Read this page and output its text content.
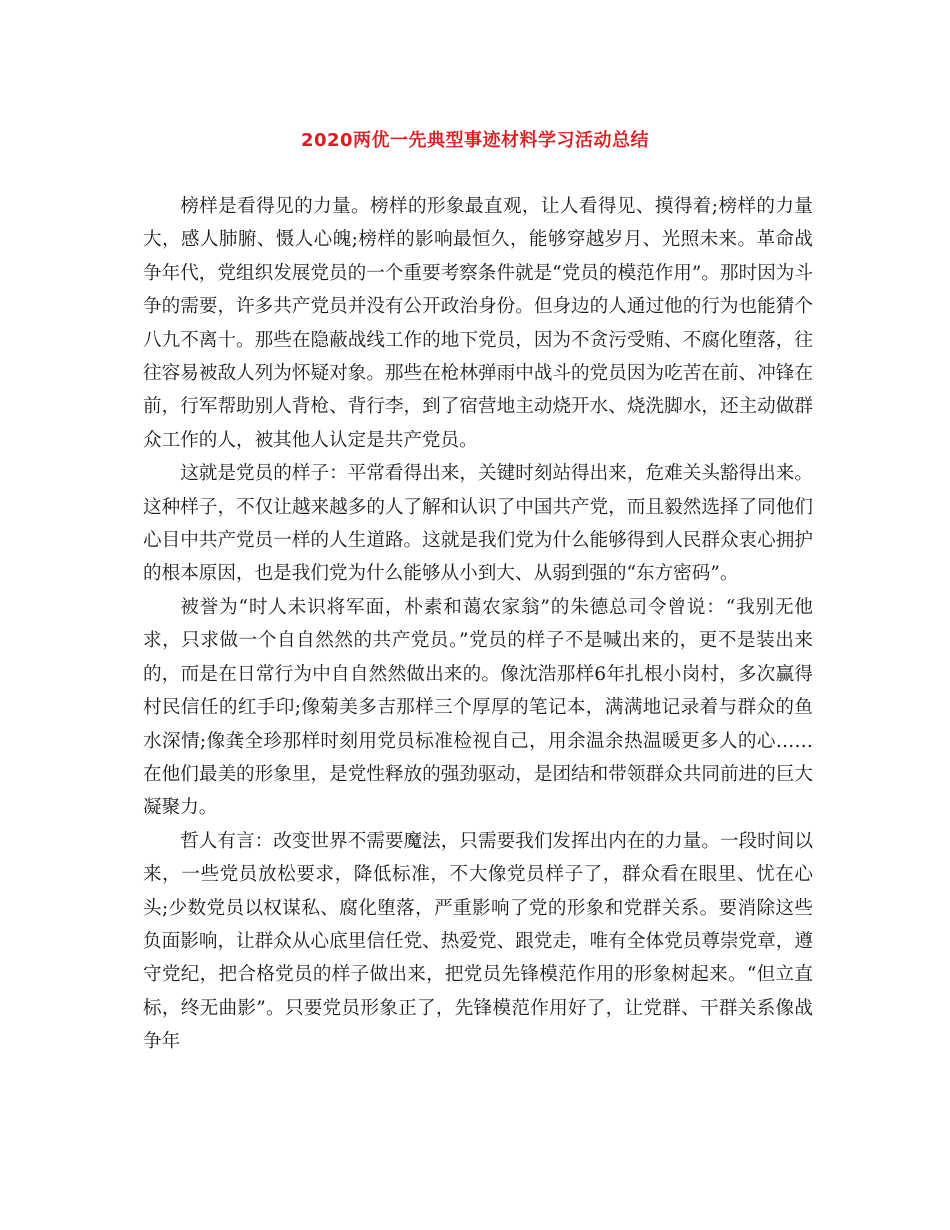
2020两优一先典型事迹材料学习活动总结

榜样是看得见的力量。榜样的形象最直观，让人看得见、摸得着;榜样的力量大，感人肺腑、慑人心魄;榜样的影响最恒久，能够穿越岁月、光照未来。革命战争年代，党组织发展党员的一个重要考察条件就是“党员的模范作用”。那时因为斗争的需要，许多共产党员并没有公开政治身份。但身边的人通过他的行为也能猜个八九不离十。那些在隐蔽战线工作的地下党员，因为不贪污受贿、不腐化堕落，往往容易被敌人列为怀疑对象。那些在枪林弹雨中战斗的党员因为吃苦在前、冲锋在前，行军帮助别人背枪、背行李，到了宿营地主动烧开水、烧洗脚水，还主动做群众工作的人，被其他人认定是共产党员。

这就是党员的样子：平常看得出来，关键时刻站得出来，危难关头豁得出来。这种样子，不仅让越来越多的人了解和认识了中国共产党，而且毅然选择了同他们心目中共产党员一样的人生道路。这就是我们党为什么能够得到人民群众衷心拥护的根本原因，也是我们党为什么能够从小到大、从弱到强的“东方密码”。

被誉为“时人未识将军面，朴素和蔼农家翁”的朱德总司令曾说：“我别无他求，只求做一个自自然然的共产党员。”党员的样子不是喊出来的，更不是装出来的，而是在日常行为中自自然然做出来的。像沈浩那样6年扎根小岗村，多次赢得村民信任的红手印;像菊美多吉那样三个厚厚的笔记本，满满地记录着与群众的鱼水深情;像龚全珍那样时刻用党员标准检视自己，用余温余热温暖更多人的心……在他们最美的形象里，是党性释放的强劲驱动，是团结和带领群众共同前进的巨大凝聚力。

哲人有言：改变世界不需要魔法，只需要我们发挥出内在的力量。一段时间以来，一些党员放松要求，降低标准，不大像党员样子了，群众看在眼里、忧在心头;少数党员以权谋私、腐化堕落，严重影响了党的形象和党群关系。要消除这些负面影响，让群众从心底里信任党、热爱党、跟党走，唯有全体党员尊崇党章，遵守党纪，把合格党员的样子做出来，把党员先锋模范作用的形象树起来。“但立直标，终无曲影”。只要党员形象正了，先锋模范作用好了，让党群、干群关系像战争年
